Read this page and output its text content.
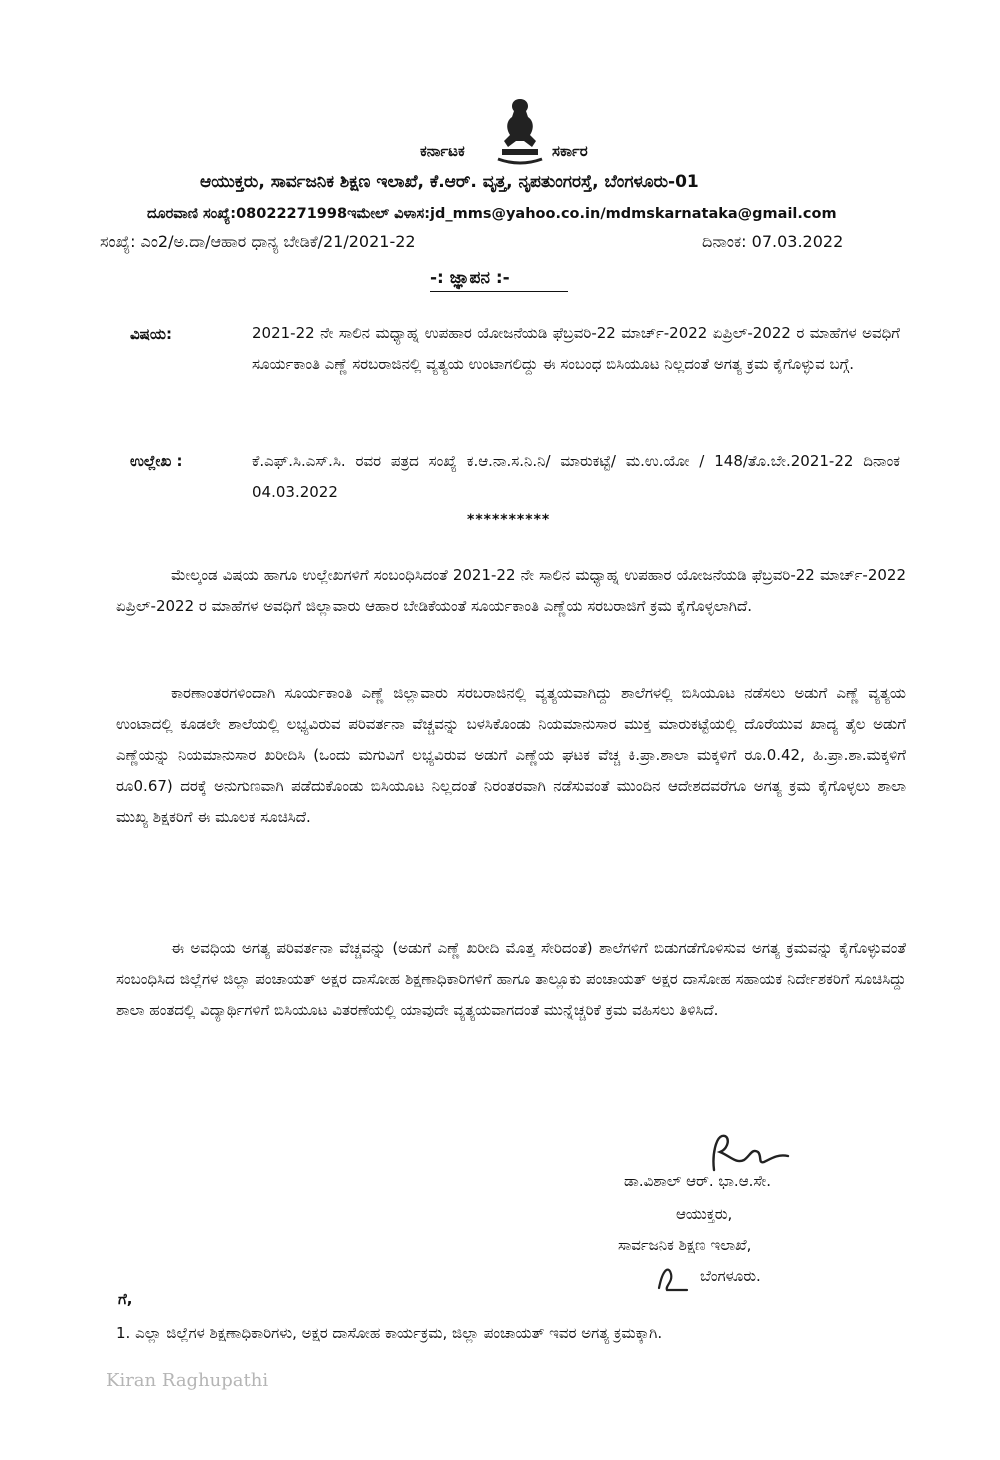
ಕರ್ನಾಟಕ	ಸರ್ಕಾರ
ಆಯುಕ್ತರು, ಸಾರ್ವಜನಿಕ ಶಿಕ್ಷಣ ಇಲಾಖೆ, ಕೆ.ಆರ್. ವೃತ್ತ, ನೃಪತುಂಗರಸ್ತೆ, ಬೆಂಗಳೂರು-01
ದೂರವಾಣಿ ಸಂಖ್ಯೆ:08022271998ಇಮೇಲ್ ವಿಳಾಸ:jd_mms@yahoo.co.in/mdmskarnataka@gmail.com
ಸಂಖ್ಯೆ: ಎಂ2/ಅ.ದಾ/ಆಹಾರ ಧಾನ್ಯ ಬೇಡಿಕೆ/21/2021-22	ದಿನಾಂಕ: 07.03.2022
-: ಜ್ಞಾಪನ :-
ವಿಷಯ:	2021-22 ನೇ ಸಾಲಿನ ಮಧ್ಯಾಹ್ನ ಉಪಹಾರ ಯೋಜನೆಯಡಿ ಫೆಬ್ರವರಿ-22 ಮಾರ್ಚ್-2022 ಏಪ್ರಿಲ್-2022 ರ ಮಾಹೆಗಳ ಅವಧಿಗೆ ಸೂರ್ಯಕಾಂತಿ ಎಣ್ಣೆ ಸರಬರಾಜಿನಲ್ಲಿ ವ್ಯತ್ಯಯ ಉಂಟಾಗಲಿದ್ದು ಈ ಸಂಬಂಧ ಬಿಸಿಯೂಟ ನಿಲ್ಲದಂತೆ ಅಗತ್ಯ ಕ್ರಮ ಕೈಗೊಳ್ಳುವ ಬಗ್ಗೆ.
ಉಲ್ಲೇಖ :	ಕೆ.ಎಫ್.ಸಿ.ಎಸ್.ಸಿ. ರವರ ಪತ್ರದ ಸಂಖ್ಯೆ ಕ.ಆ.ನಾ.ಸ.ನಿ.ನಿ/ ಮಾರುಕಟ್ಟೆ/ ಮ.ಉ.ಯೋ / 148/ತೊ.ಬೇ.2021-22 ದಿನಾಂಕ 04.03.2022
**********
ಮೇಲ್ಕಂಡ ವಿಷಯ ಹಾಗೂ ಉಲ್ಲೇಖಗಳಿಗೆ ಸಂಬಂಧಿಸಿದಂತೆ 2021-22 ನೇ ಸಾಲಿನ ಮಧ್ಯಾಹ್ನ ಉಪಹಾರ ಯೋಜನೆಯಡಿ ಫೆಬ್ರವರಿ-22 ಮಾರ್ಚ್-2022 ಏಪ್ರಿಲ್-2022 ರ ಮಾಹೆಗಳ ಅವಧಿಗೆ ಜಿಲ್ಲಾವಾರು ಆಹಾರ ಬೇಡಿಕೆಯಂತೆ ಸೂರ್ಯಕಾಂತಿ ಎಣ್ಣೆಯ ಸರಬರಾಜಿಗೆ ಕ್ರಮ ಕೈಗೊಳ್ಳಲಾಗಿದೆ.
ಕಾರಣಾಂತರಗಳಿಂದಾಗಿ ಸೂರ್ಯಕಾಂತಿ ಎಣ್ಣೆ ಜಿಲ್ಲಾವಾರು ಸರಬರಾಜಿನಲ್ಲಿ ವ್ಯತ್ಯಯವಾಗಿದ್ದು ಶಾಲೆಗಳಲ್ಲಿ ಬಿಸಿಯೂಟ ನಡೆಸಲು ಅಡುಗೆ ಎಣ್ಣೆ ವ್ಯತ್ಯಯ ಉಂಟಾದಲ್ಲಿ ಕೂಡಲೇ ಶಾಲೆಯಲ್ಲಿ ಲಭ್ಯವಿರುವ ಪರಿವರ್ತನಾ ವೆಚ್ಚವನ್ನು ಬಳಸಿಕೊಂಡು ನಿಯಮಾನುಸಾರ ಮುಕ್ತ ಮಾರುಕಟ್ಟೆಯಲ್ಲಿ ದೊರೆಯುವ ಖಾದ್ಯ ತೈಲ ಅಡುಗೆ ಎಣ್ಣೆಯನ್ನು ನಿಯಮಾನುಸಾರ ಖರೀದಿಸಿ (ಒಂದು ಮಗುವಿಗೆ ಲಭ್ಯವಿರುವ ಅಡುಗೆ ಎಣ್ಣೆಯ ಘಟಕ ವೆಚ್ಚ ಕಿ.ಪ್ರಾ.ಶಾಲಾ ಮಕ್ಕಳಿಗೆ ರೂ.0.42, ಹಿ.ಪ್ರಾ.ಶಾ.ಮಕ್ಕಳಿಗೆ ರೂ0.67) ದರಕ್ಕೆ ಅನುಗುಣವಾಗಿ ಪಡೆದುಕೊಂಡು ಬಿಸಿಯೂಟ ನಿಲ್ಲದಂತೆ ನಿರಂತರವಾಗಿ ನಡೆಸುವಂತೆ ಮುಂದಿನ ಆದೇಶದವರೆಗೂ ಅಗತ್ಯ ಕ್ರಮ ಕೈಗೊಳ್ಳಲು ಶಾಲಾ ಮುಖ್ಯ ಶಿಕ್ಷಕರಿಗೆ ಈ ಮೂಲಕ ಸೂಚಿಸಿದೆ.
ಈ ಅವಧಿಯ ಅಗತ್ಯ ಪರಿವರ್ತನಾ ವೆಚ್ಚವನ್ನು (ಅಡುಗೆ ಎಣ್ಣೆ ಖರೀದಿ ಮೊತ್ತ ಸೇರಿದಂತೆ) ಶಾಲೆಗಳಿಗೆ ಬಿಡುಗಡೆಗೊಳಿಸುವ ಅಗತ್ಯ ಕ್ರಮವನ್ನು ಕೈಗೊಳ್ಳುವಂತೆ ಸಂಬಂಧಿಸಿದ ಜಿಲ್ಲೆಗಳ ಜಿಲ್ಲಾ ಪಂಚಾಯತ್ ಅಕ್ಷರ ದಾಸೋಹ ಶಿಕ್ಷಣಾಧಿಕಾರಿಗಳಿಗೆ ಹಾಗೂ ತಾಲ್ಲೂಕು ಪಂಚಾಯತ್ ಅಕ್ಷರ ದಾಸೋಹ ಸಹಾಯಕ ನಿರ್ದೇಶಕರಿಗೆ ಸೂಚಿಸಿದ್ದು ಶಾಲಾ ಹಂತದಲ್ಲಿ ವಿದ್ಯಾರ್ಥಿಗಳಿಗೆ ಬಿಸಿಯೂಟ ವಿತರಣೆಯಲ್ಲಿ ಯಾವುದೇ ವ್ಯತ್ಯಯವಾಗದಂತೆ ಮುನ್ನೆಚ್ಚರಿಕೆ ಕ್ರಮ ವಹಿಸಲು ತಿಳಿಸಿದೆ.
ಡಾ.ವಿಶಾಲ್ ಆರ್. ಭಾ.ಆ.ಸೇ.
ಆಯುಕ್ತರು,
ಸಾರ್ವಜನಿಕ ಶಿಕ್ಷಣ ಇಲಾಖೆ,
ಬೆಂಗಳೂರು.
ಗೆ,
1. ಎಲ್ಲಾ ಜಿಲ್ಲೆಗಳ ಶಿಕ್ಷಣಾಧಿಕಾರಿಗಳು, ಅಕ್ಷರ ದಾಸೋಹ ಕಾರ್ಯಕ್ರಮ, ಜಿಲ್ಲಾ ಪಂಚಾಯತ್ ಇವರ ಅಗತ್ಯ ಕ್ರಮಕ್ಕಾಗಿ.
Kiran Raghupathi
